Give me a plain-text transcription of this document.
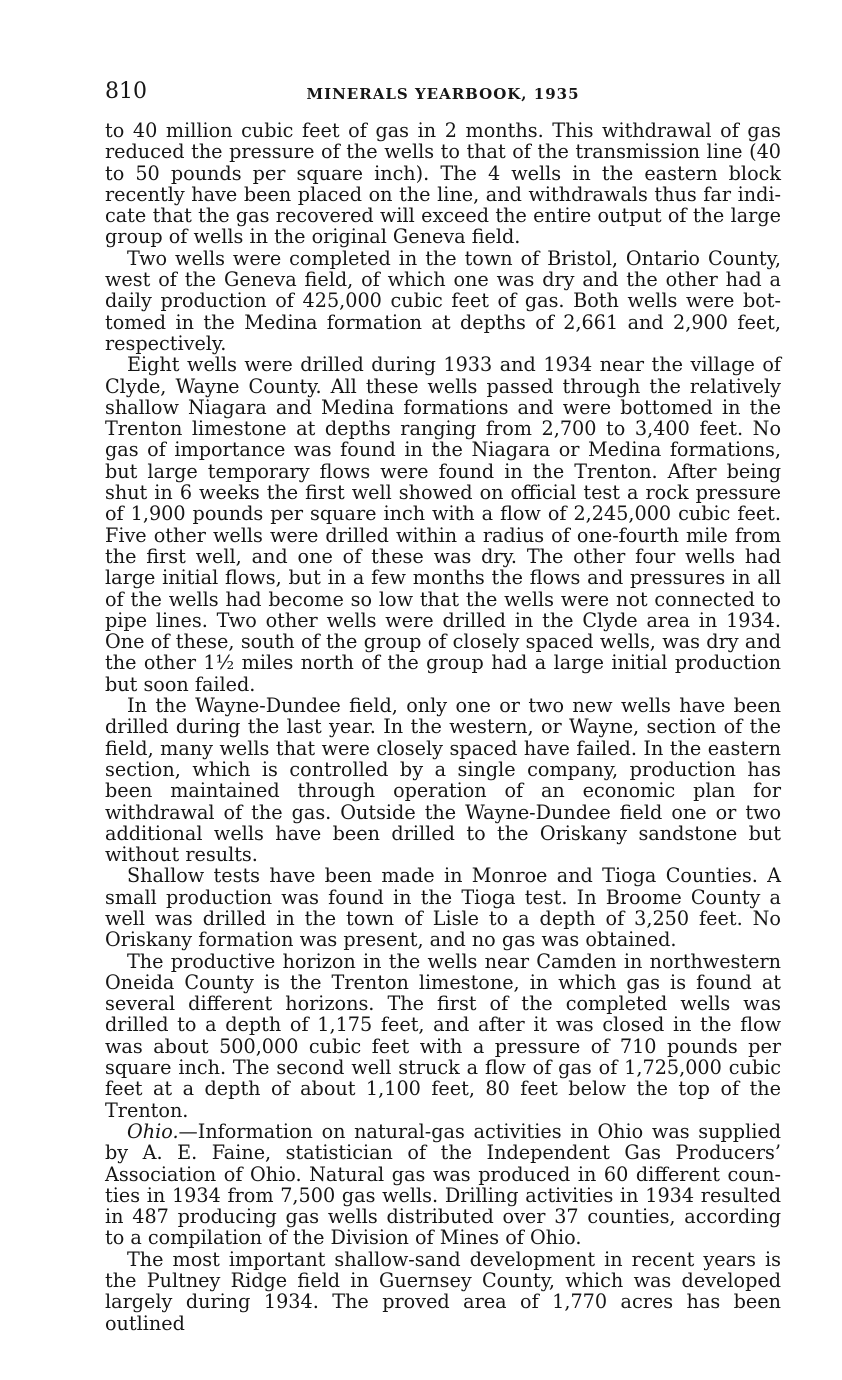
810	MINERALS YEARBOOK, 1935

to 40 million cubic feet of gas in 2 months. This withdrawal of gas reduced the pressure of the wells to that of the transmission line (40 to 50 pounds per square inch). The 4 wells in the eastern block recently have been placed on the line, and withdrawals thus far indicate that the gas recovered will exceed the entire output of the large group of wells in the original Geneva field.

Two wells were completed in the town of Bristol, Ontario County, west of the Geneva field, of which one was dry and the other had a daily production of 425,000 cubic feet of gas. Both wells were bottomed in the Medina formation at depths of 2,661 and 2,900 feet, respectively.

Eight wells were drilled during 1933 and 1934 near the village of Clyde, Wayne County. All these wells passed through the relatively shallow Niagara and Medina formations and were bottomed in the Trenton limestone at depths ranging from 2,700 to 3,400 feet. No gas of importance was found in the Niagara or Medina formations, but large temporary flows were found in the Trenton. After being shut in 6 weeks the first well showed on official test a rock pressure of 1,900 pounds per square inch with a flow of 2,245,000 cubic feet. Five other wells were drilled within a radius of one-fourth mile from the first well, and one of these was dry. The other four wells had large initial flows, but in a few months the flows and pressures in all of the wells had become so low that the wells were not connected to pipe lines. Two other wells were drilled in the Clyde area in 1934. One of these, south of the group of closely spaced wells, was dry and the other 1½ miles north of the group had a large initial production but soon failed.

In the Wayne-Dundee field, only one or two new wells have been drilled during the last year. In the western, or Wayne, section of the field, many wells that were closely spaced have failed. In the eastern section, which is controlled by a single company, production has been maintained through operation of an economic plan for withdrawal of the gas. Outside the Wayne-Dundee field one or two additional wells have been drilled to the Oriskany sandstone but without results.

Shallow tests have been made in Monroe and Tioga Counties. A small production was found in the Tioga test. In Broome County a well was drilled in the town of Lisle to a depth of 3,250 feet. No Oriskany formation was present, and no gas was obtained.

The productive horizon in the wells near Camden in northwestern Oneida County is the Trenton limestone, in which gas is found at several different horizons. The first of the completed wells was drilled to a depth of 1,175 feet, and after it was closed in the flow was about 500,000 cubic feet with a pressure of 710 pounds per square inch. The second well struck a flow of gas of 1,725,000 cubic feet at a depth of about 1,100 feet, 80 feet below the top of the Trenton.

Ohio.—Information on natural-gas activities in Ohio was supplied by A. E. Faine, statistician of the Independent Gas Producers’ Association of Ohio. Natural gas was produced in 60 different counties in 1934 from 7,500 gas wells. Drilling activities in 1934 resulted in 487 producing gas wells distributed over 37 counties, according to a compilation of the Division of Mines of Ohio.

The most important shallow-sand development in recent years is the Pultney Ridge field in Guernsey County, which was developed largely during 1934. The proved area of 1,770 acres has been outlined
